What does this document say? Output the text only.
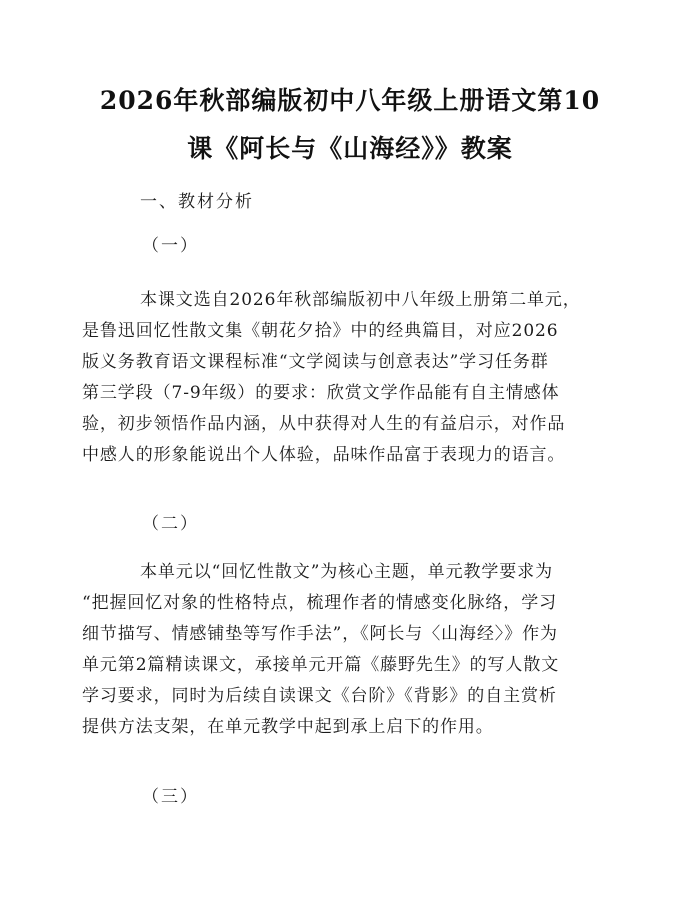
2026年秋部编版初中八年级上册语文第10
课《阿长与《山海经》》教案
一、教材分析
（一）
本课文选自2026年秋部编版初中八年级上册第二单元，
是鲁迅回忆性散文集《朝花夕拾》中的经典篇目，对应2026
版义务教育语文课程标准“文学阅读与创意表达”学习任务群
第三学段（7-9年级）的要求：欣赏文学作品能有自主情感体
验，初步领悟作品内涵，从中获得对人生的有益启示，对作品
中感人的形象能说出个人体验，品味作品富于表现力的语言。
（二）
本单元以“回忆性散文”为核心主题，单元教学要求为
“把握回忆对象的性格特点，梳理作者的情感变化脉络，学习
细节描写、情感铺垫等写作手法”，《阿长与〈山海经〉》作为
单元第2篇精读课文，承接单元开篇《藤野先生》的写人散文
学习要求，同时为后续自读课文《台阶》《背影》的自主赏析
提供方法支架，在单元教学中起到承上启下的作用。
（三）
